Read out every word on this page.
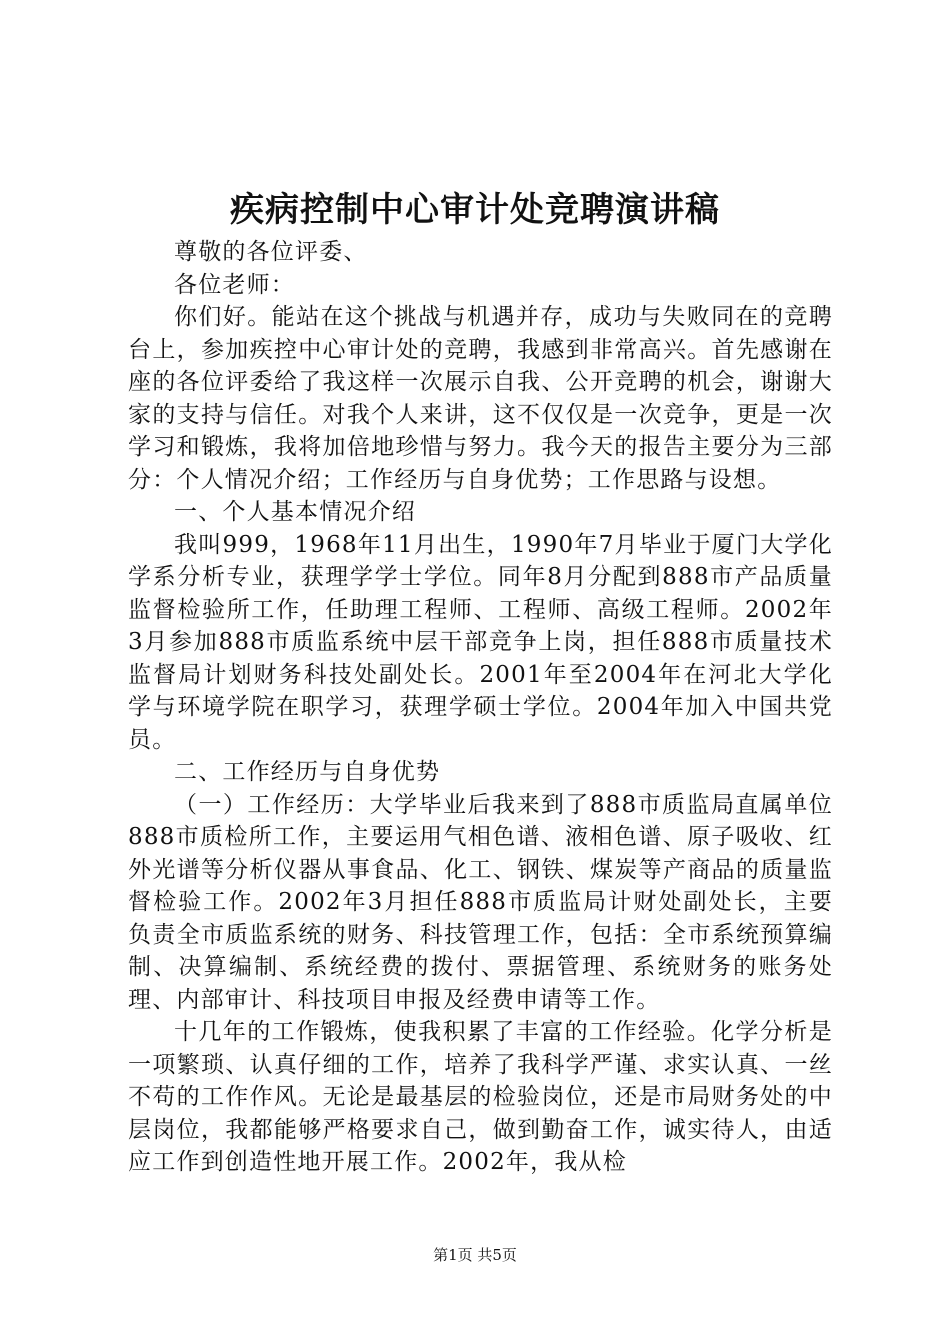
疾病控制中心审计处竞聘演讲稿

尊敬的各位评委、

各位老师：

你们好。能站在这个挑战与机遇并存，成功与失败同在的竞聘台上，参加疾控中心审计处的竞聘，我感到非常高兴。首先感谢在座的各位评委给了我这样一次展示自我、公开竞聘的机会，谢谢大家的支持与信任。对我个人来讲，这不仅仅是一次竞争，更是一次学习和锻炼，我将加倍地珍惜与努力。我今天的报告主要分为三部分：个人情况介绍；工作经历与自身优势；工作思路与设想。

一、个人基本情况介绍

我叫999，1968年11月出生，1990年7月毕业于厦门大学化学系分析专业，获理学学士学位。同年8月分配到888市产品质量监督检验所工作，任助理工程师、工程师、高级工程师。2002年3月参加888市质监系统中层干部竞争上岗，担任888市质量技术监督局计划财务科技处副处长。2001年至2004年在河北大学化学与环境学院在职学习，获理学硕士学位。2004年加入中国共党员。

二、工作经历与自身优势

（一）工作经历：大学毕业后我来到了888市质监局直属单位888市质检所工作，主要运用气相色谱、液相色谱、原子吸收、红外光谱等分析仪器从事食品、化工、钢铁、煤炭等产商品的质量监督检验工作。2002年3月担任888市质监局计财处副处长，主要负责全市质监系统的财务、科技管理工作，包括：全市系统预算编制、决算编制、系统经费的拨付、票据管理、系统财务的账务处理、内部审计、科技项目申报及经费申请等工作。

十几年的工作锻炼，使我积累了丰富的工作经验。化学分析是一项繁琐、认真仔细的工作，培养了我科学严谨、求实认真、一丝不苟的工作作风。无论是最基层的检验岗位，还是市局财务处的中层岗位，我都能够严格要求自己，做到勤奋工作，诚实待人，由适应工作到创造性地开展工作。2002年，我从检

第1页 共5页
